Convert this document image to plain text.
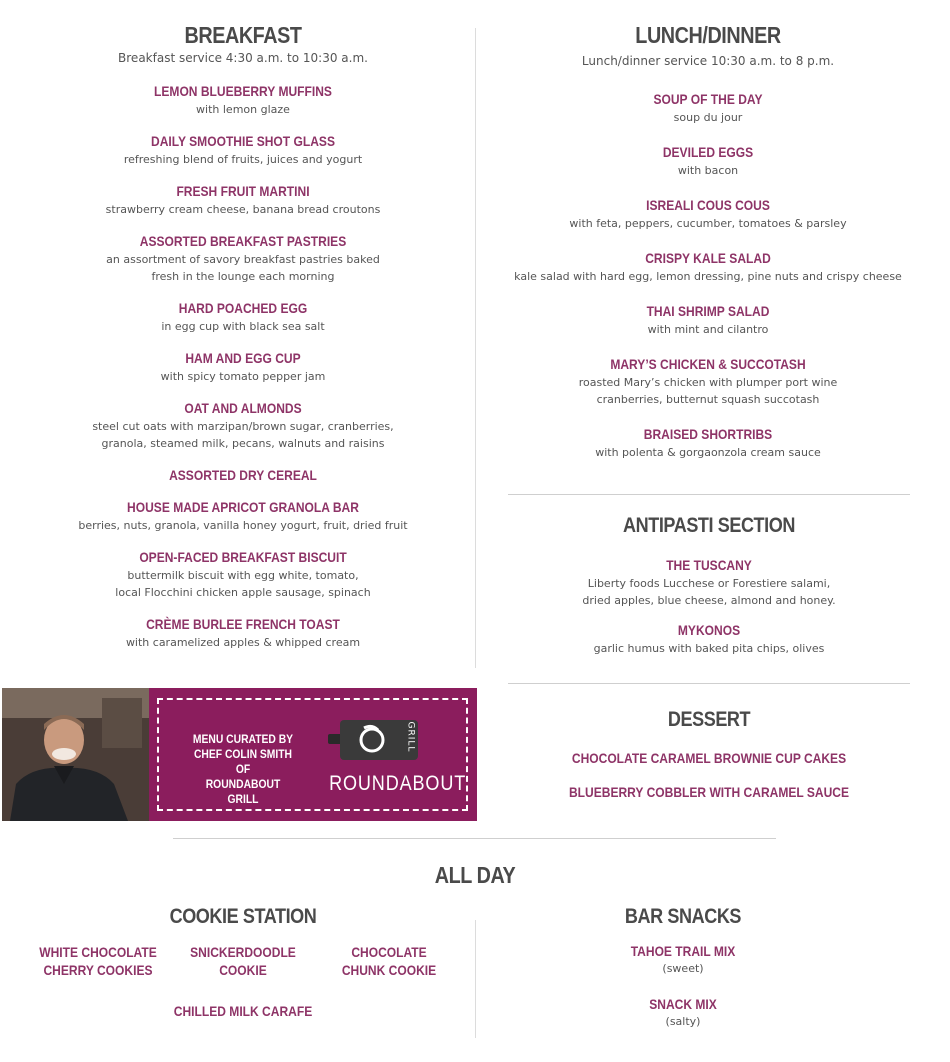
BREAKFAST
Breakfast service 4:30 a.m. to 10:30 a.m.
LEMON BLUEBERRY MUFFINS
with lemon glaze
DAILY SMOOTHIE SHOT GLASS
refreshing blend of fruits, juices and yogurt
FRESH FRUIT MARTINI
strawberry cream cheese, banana bread croutons
ASSORTED BREAKFAST PASTRIES
an assortment of savory breakfast pastries baked
fresh in the lounge each morning
HARD POACHED EGG
in egg cup with black sea salt
HAM AND EGG CUP
with spicy tomato pepper jam
OAT AND ALMONDS
steel cut oats with marzipan/brown sugar, cranberries,
granola, steamed milk, pecans, walnuts and raisins
ASSORTED DRY CEREAL
HOUSE MADE APRICOT GRANOLA BAR
berries, nuts, granola, vanilla honey yogurt, fruit, dried fruit
OPEN-FACED BREAKFAST BISCUIT
buttermilk biscuit with egg white, tomato,
local Flocchini chicken apple sausage, spinach
CRÈME BURLEE FRENCH TOAST
with caramelized apples & whipped cream
LUNCH/DINNER
Lunch/dinner service 10:30 a.m. to 8 p.m.
SOUP OF THE DAY
soup du jour
DEVILED EGGS
with bacon
ISREALI COUS COUS
with feta, peppers, cucumber, tomatoes & parsley
CRISPY KALE SALAD
kale salad with hard egg, lemon dressing, pine nuts and crispy cheese
THAI SHRIMP SALAD
with mint and cilantro
MARY’S CHICKEN & SUCCOTASH
roasted Mary’s chicken with plumper port wine
cranberries, butternut squash succotash
BRAISED SHORTRIBS
with polenta & gorgaonzola cream sauce
ANTIPASTI SECTION
THE TUSCANY
Liberty foods Lucchese or Forestiere salami,
dried apples, blue cheese, almond and honey.
MYKONOS
garlic humus with baked pita chips, olives
DESSERT
CHOCOLATE CARAMEL BROWNIE CUP CAKES
BLUEBERRY COBBLER WITH CARAMEL SAUCE
MENU CURATED BY
CHEF COLIN SMITH OF
ROUNDABOUT GRILL
GRILL
ROUNDABOUT
ALL DAY
COOKIE STATION
WHITE CHOCOLATE
CHERRY COOKIES
SNICKERDOODLE
COOKIE
CHOCOLATE
CHUNK COOKIE
CHILLED MILK CARAFE
BAR SNACKS
TAHOE TRAIL MIX
(sweet)
SNACK MIX
(salty)
